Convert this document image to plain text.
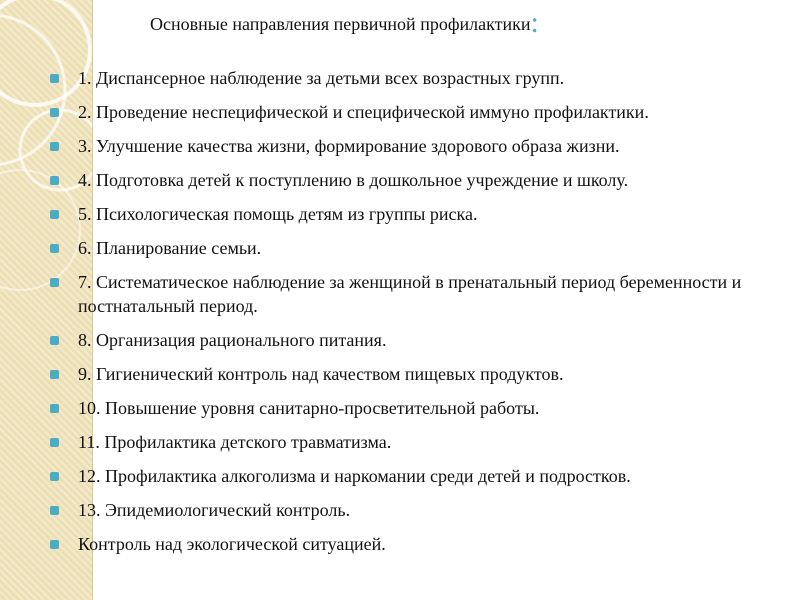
Основные направления первичной профилактики:
1. Диспансерное наблюдение за детьми всех возрастных групп.
2. Проведение неспецифической и специфической иммуно профилактики.
3. Улучшение качества жизни, формирование здорового образа жизни.
4. Подготовка детей к поступлению в дошкольное учреждение и школу.
5. Психологическая помощь детям из группы риска.
6. Планирование семьи.
7. Систематическое наблюдение за женщиной в пренатальный период беременности и постнатальный период.
8. Организация рационального питания.
9. Гигиенический контроль над качеством пищевых продуктов.
10. Повышение уровня санитарно-просветительной работы.
11. Профилактика детского травматизма.
12. Профилактика алкоголизма и наркомании среди детей и подростков.
13. Эпидемиологический контроль.
Контроль над экологической ситуацией.
